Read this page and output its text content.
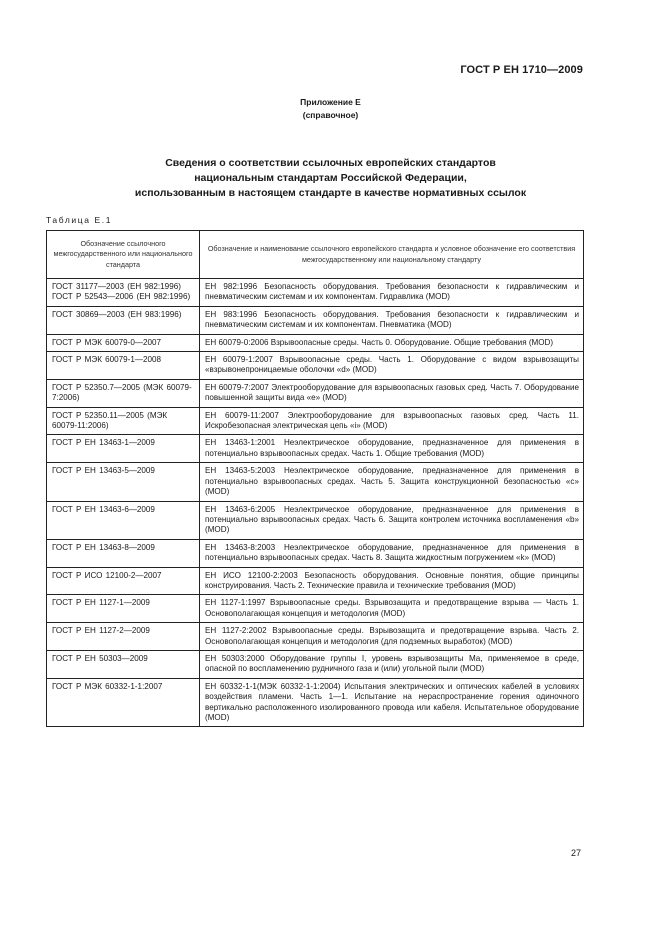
ГОСТ Р ЕН 1710—2009
Приложение Е
(справочное)
Сведения о соответствии ссылочных европейских стандартов
национальным стандартам Российской Федерации,
использованным в настоящем стандарте в качестве нормативных ссылок
Таблица Е.1
Обозначение ссылочного межгосударственного или национального стандарта	Обозначение и наименование ссылочного европейского стандарта и условное обозначение его соответствия межгосударственному или национальному стандарту
ГОСТ 31177—2003 (ЕН 982:1996) ГОСТ Р 52543—2006 (ЕН 982:1996)	ЕН 982:1996 Безопасность оборудования. Требования безопасности к гидравлическим и пневматическим системам и их компонентам. Гидравлика (MOD)
ГОСТ 30869—2003 (ЕН 983:1996)	ЕН 983:1996 Безопасность оборудования. Требования безопасности к гидравлическим и пневматическим системам и их компонентам. Пневматика (MOD)
ГОСТ Р МЭК 60079-0—2007	ЕН 60079-0:2006 Взрывоопасные среды. Часть 0. Оборудование. Общие требования (MOD)
ГОСТ Р МЭК 60079-1—2008	ЕН 60079-1:2007 Взрывоопасные среды. Часть 1. Оборудование с видом взрывозащиты «взрывонепроницаемые оболочки «d» (MOD)
ГОСТ Р 52350.7—2005 (МЭК 60079-7:2006)	ЕН 60079-7:2007 Электрооборудование для взрывоопасных газовых сред. Часть 7. Оборудование повышенной защиты вида «е» (MOD)
ГОСТ Р 52350.11—2005 (МЭК 60079-11:2006)	ЕН 60079-11:2007 Электрооборудование для взрывоопасных газовых сред. Часть 11. Искробезопасная электрическая цепь «i» (MOD)
ГОСТ Р ЕН 13463-1—2009	ЕН 13463-1:2001 Неэлектрическое оборудование, предназначенное для применения в потенциально взрывоопасных средах. Часть 1. Общие требования (MOD)
ГОСТ Р ЕН 13463-5—2009	ЕН 13463-5:2003 Неэлектрическое оборудование, предназначенное для применения в потенциально взрывоопасных средах. Часть 5. Защита конструкционной безопасностью «с» (MOD)
ГОСТ Р ЕН 13463-6—2009	ЕН 13463-6:2005 Неэлектрическое оборудование, предназначенное для применения в потенциально взрывоопасных средах. Часть 6. Защита контролем источника воспламенения «b» (MOD)
ГОСТ Р ЕН 13463-8—2009	ЕН 13463-8:2003 Неэлектрическое оборудование, предназначенное для применения в потенциально взрывоопасных средах. Часть 8. Защита жидкостным погружением «k» (MOD)
ГОСТ Р ИСО 12100-2—2007	ЕН ИСО 12100-2:2003 Безопасность оборудования. Основные понятия, общие принципы конструирования. Часть 2. Технические правила и технические требования (MOD)
ГОСТ Р ЕН 1127-1—2009	ЕН 1127-1:1997 Взрывоопасные среды. Взрывозащита и предотвращение взрыва — Часть 1. Основополагающая концепция и методология (MOD)
ГОСТ Р ЕН 1127-2—2009	ЕН 1127-2:2002 Взрывоопасные среды. Взрывозащита и предотвращение взрыва. Часть 2. Основополагающая концепция и методология (для подземных выработок) (MOD)
ГОСТ Р ЕН 50303—2009	ЕН 50303:2000 Оборудование группы I, уровень взрывозащиты Ма, применяемое в среде, опасной по воспламенению рудничного газа и (или) угольной пыли (MOD)
ГОСТ Р МЭК 60332-1-1:2007	ЕН 60332-1-1(МЭК 60332-1-1:2004) Испытания электрических и оптических кабелей в условиях воздействия пламени. Часть 1—1. Испытание на нераспространение горения одиночного вертикально расположенного изолированного провода или кабеля. Испытательное оборудование (MOD)
27
